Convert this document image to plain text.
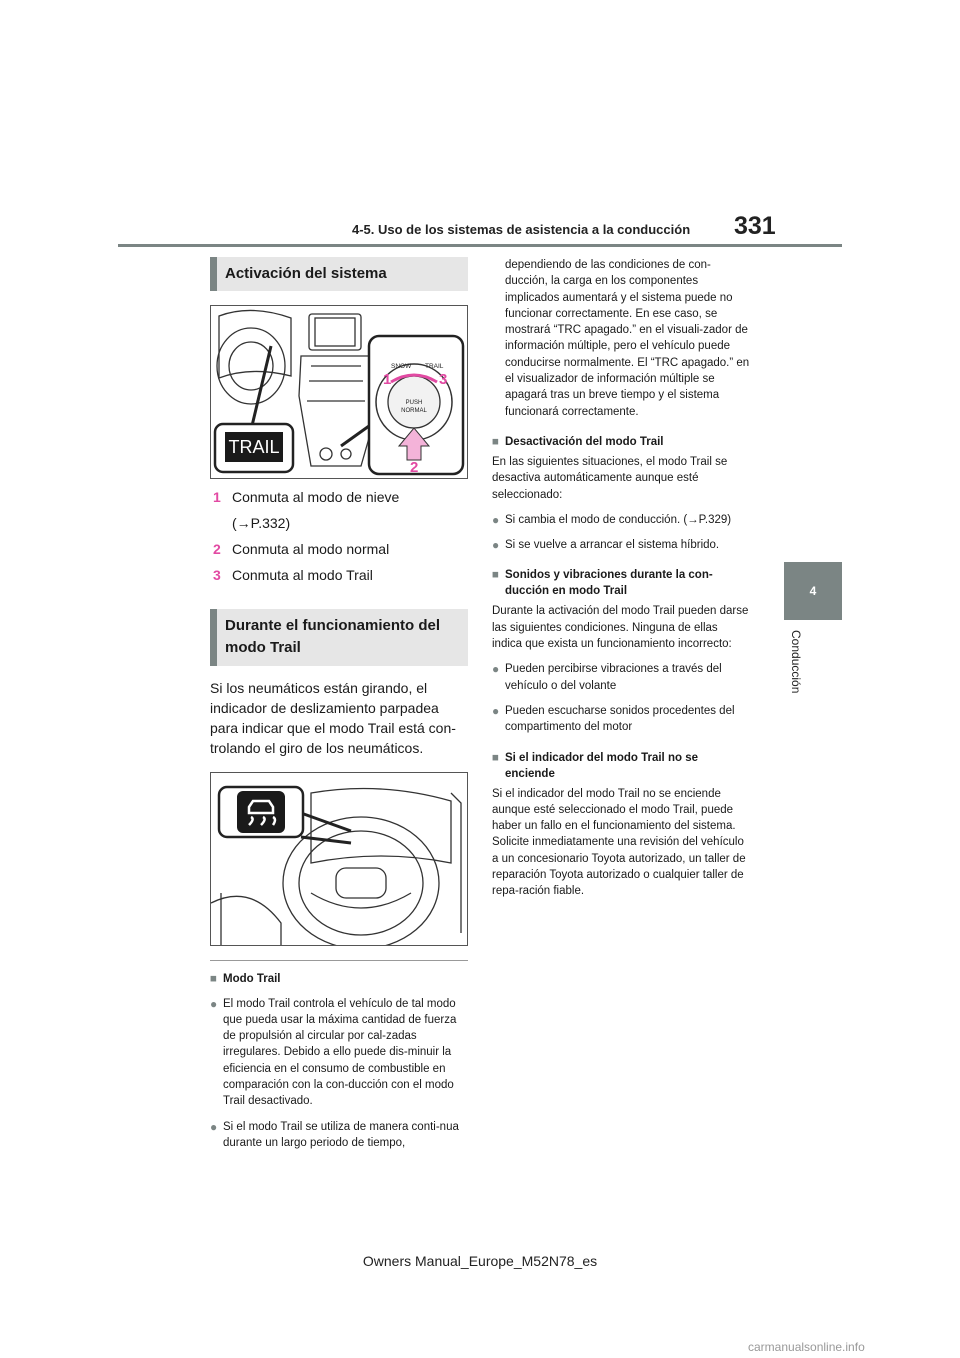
4-5. Uso de los sistemas de asistencia a la conducción 331
4
Conducción
Activación del sistema
TRAIL
SNOW TRAIL
PUSH
NORMAL
1	3
2
1 Conmuta al modo de nieve
(→P.332)
2 Conmuta al modo normal
3 Conmuta al modo Trail
Durante el funcionamiento del modo Trail
Si los neumáticos están girando, el indicador de deslizamiento parpadea para indicar que el modo Trail está con-trolando el giro de los neumáticos.
■ Modo Trail
● El modo Trail controla el vehículo de tal modo que pueda usar la máxima cantidad de fuerza de propulsión al circular por cal-zadas irregulares. Debido a ello puede dis-minuir la eficiencia en el consumo de combustible en comparación con la con-ducción con el modo Trail desactivado.
● Si el modo Trail se utiliza de manera conti-nua durante un largo periodo de tiempo,
dependiendo de las condiciones de con-ducción, la carga en los componentes implicados aumentará y el sistema puede no funcionar correctamente. En ese caso, se mostrará “TRC apagado.” en el visuali-zador de información múltiple, pero el vehículo puede conducirse normalmente. El “TRC apagado.” en el visualizador de información múltiple se apagará tras un breve tiempo y el sistema funcionará correctamente.
■ Desactivación del modo Trail
En las siguientes situaciones, el modo Trail se desactiva automáticamente aunque esté seleccionado:
● Si cambia el modo de conducción. (→P.329)
● Si se vuelve a arrancar el sistema híbrido.
■ Sonidos y vibraciones durante la con-ducción en modo Trail
Durante la activación del modo Trail pueden darse las siguientes condiciones. Ninguna de ellas indica que exista un funcionamiento incorrecto:
● Pueden percibirse vibraciones a través del vehículo o del volante
● Pueden escucharse sonidos procedentes del compartimento del motor
■ Si el indicador del modo Trail no se enciende
Si el indicador del modo Trail no se enciende aunque esté seleccionado el modo Trail, puede haber un fallo en el funcionamiento del sistema. Solicite inmediatamente una revisión del vehículo a un concesionario Toyota autorizado, un taller de reparación Toyota autorizado o cualquier taller de repa-ración fiable.
Owners Manual_Europe_M52N78_es
carmanualsonline.info
